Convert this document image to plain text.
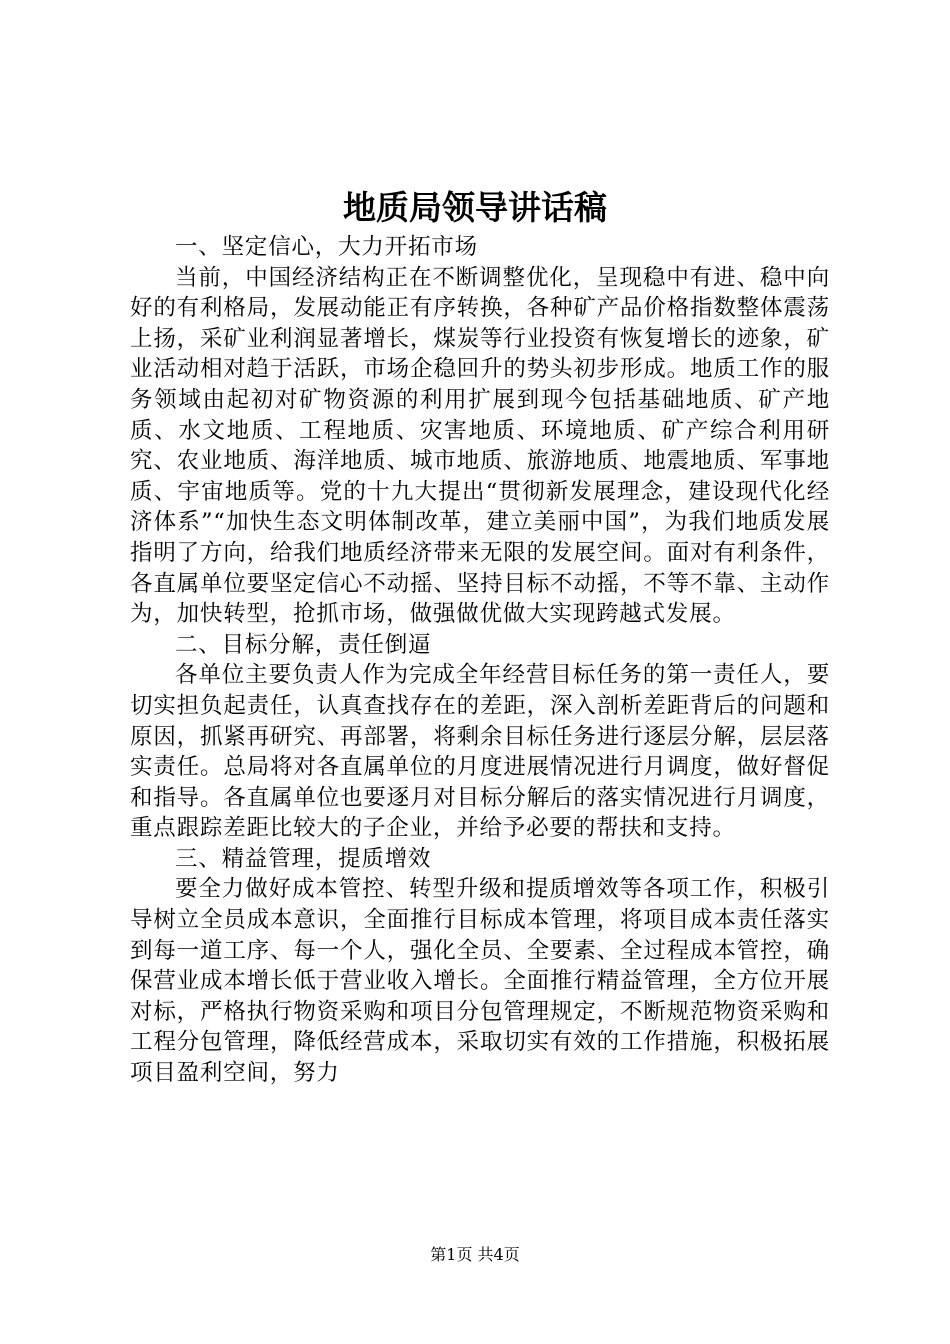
地质局领导讲话稿

一、坚定信心，大力开拓市场

当前，中国经济结构正在不断调整优化，呈现稳中有进、稳中向好的有利格局，发展动能正有序转换，各种矿产品价格指数整体震荡上扬，采矿业利润显著增长，煤炭等行业投资有恢复增长的迹象，矿业活动相对趋于活跃，市场企稳回升的势头初步形成。地质工作的服务领域由起初对矿物资源的利用扩展到现今包括基础地质、矿产地质、水文地质、工程地质、灾害地质、环境地质、矿产综合利用研究、农业地质、海洋地质、城市地质、旅游地质、地震地质、军事地质、宇宙地质等。党的十九大提出“贯彻新发展理念，建设现代化经济体系”“加快生态文明体制改革，建立美丽中国”，为我们地质发展指明了方向，给我们地质经济带来无限的发展空间。面对有利条件，各直属单位要坚定信心不动摇、坚持目标不动摇，不等不靠、主动作为，加快转型，抢抓市场，做强做优做大实现跨越式发展。

二、目标分解，责任倒逼

各单位主要负责人作为完成全年经营目标任务的第一责任人，要切实担负起责任，认真查找存在的差距，深入剖析差距背后的问题和原因，抓紧再研究、再部署，将剩余目标任务进行逐层分解，层层落实责任。总局将对各直属单位的月度进展情况进行月调度，做好督促和指导。各直属单位也要逐月对目标分解后的落实情况进行月调度，重点跟踪差距比较大的子企业，并给予必要的帮扶和支持。

三、精益管理，提质增效

要全力做好成本管控、转型升级和提质增效等各项工作，积极引导树立全员成本意识，全面推行目标成本管理，将项目成本责任落实到每一道工序、每一个人，强化全员、全要素、全过程成本管控，确保营业成本增长低于营业收入增长。全面推行精益管理，全方位开展对标，严格执行物资采购和项目分包管理规定，不断规范物资采购和工程分包管理，降低经营成本，采取切实有效的工作措施，积极拓展项目盈利空间，努力

第1页 共4页
